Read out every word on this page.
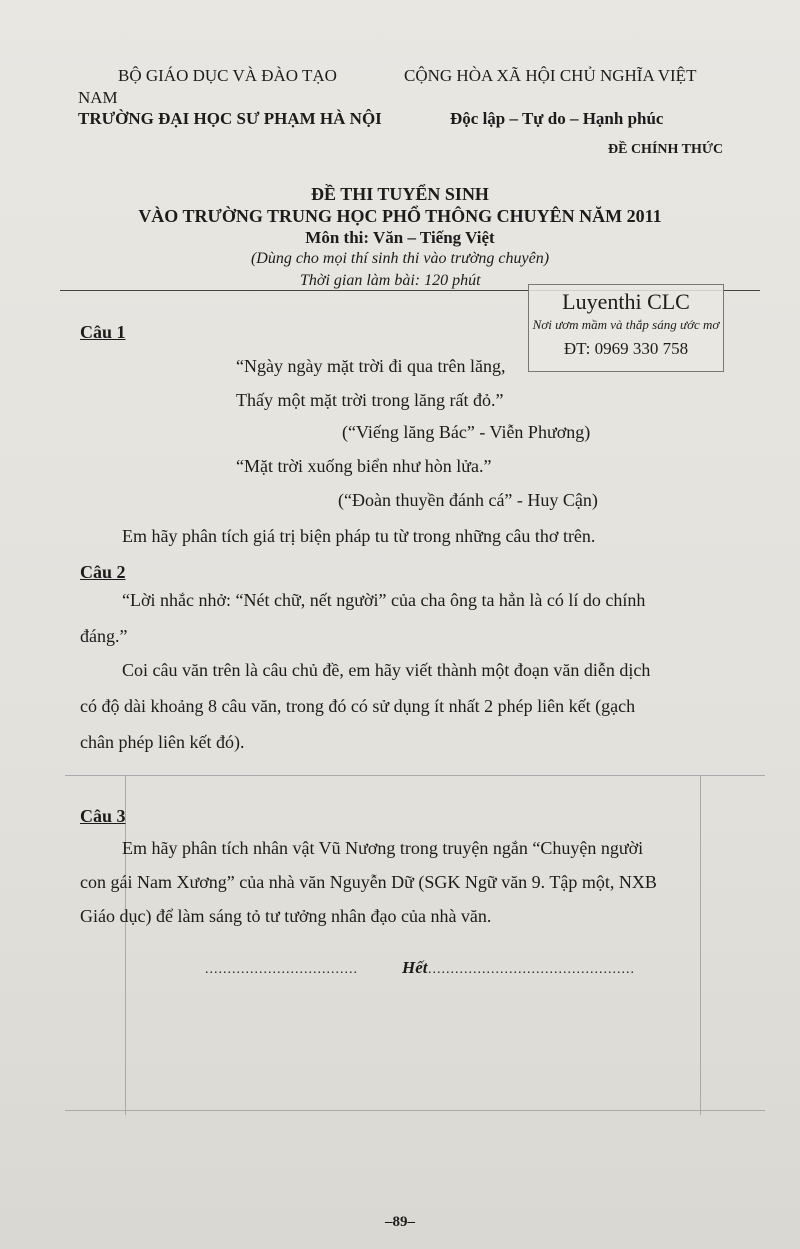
BỘ GIÁO DỤC VÀ ĐÀO TẠO	CỘNG HÒA XÃ HỘI CHỦ NGHĨA VIỆT
NAM
TRƯỜNG ĐẠI HỌC SƯ PHẠM HÀ NỘI	Độc lập – Tự do – Hạnh phúc
ĐỀ CHÍNH THỨC
ĐỀ THI TUYỂN SINH
VÀO TRƯỜNG TRUNG HỌC PHỔ THÔNG CHUYÊN NĂM 2011
Môn thi: Văn – Tiếng Việt
(Dùng cho mọi thí sinh thi vào trường chuyên)
Thời gian làm bài: 120 phút
Luyenthi CLC
Nơi ươm mầm và thắp sáng ước mơ
ĐT: 0969 330 758
Câu 1
“Ngày ngày mặt trời đi qua trên lăng,
Thấy một mặt trời trong lăng rất đỏ.”
(“Viếng lăng Bác” - Viễn Phương)
“Mặt trời xuống biển như hòn lửa.”
(“Đoàn thuyền đánh cá” - Huy Cận)
Em hãy phân tích giá trị biện pháp tu từ trong những câu thơ trên.
Câu 2
“Lời nhắc nhở: “Nét chữ, nết người” của cha ông ta hẳn là có lí do chính
đáng.”
Coi câu văn trên là câu chủ đề, em hãy viết thành một đoạn văn diễn dịch
có độ dài khoảng 8 câu văn, trong đó có sử dụng ít nhất 2 phép liên kết (gạch
chân phép liên kết đó).
Câu 3
Em hãy phân tích nhân vật Vũ Nương trong truyện ngắn “Chuyện người
con gái Nam Xương” của nhà văn Nguyễn Dữ (SGK Ngữ văn 9. Tập một, NXB
Giáo dục) để làm sáng tỏ tư tưởng nhân đạo của nhà văn.
..................................	Hết ..............................................
–89–
